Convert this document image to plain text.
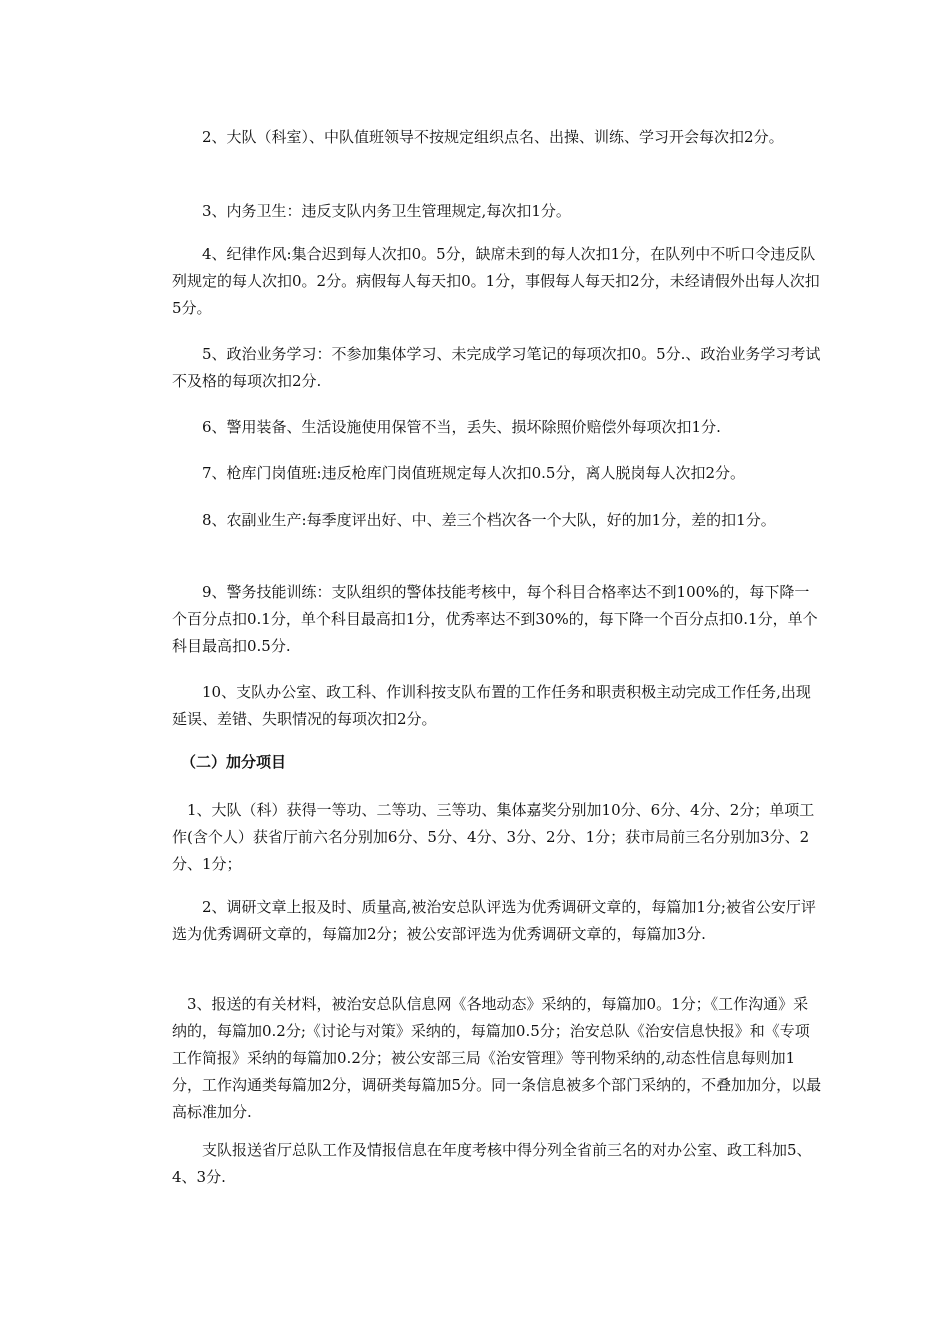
　　2、大队（科室）、中队值班领导不按规定组织点名、出操、训练、学习开会每次扣2分。

　　3、内务卫生：违反支队内务卫生管理规定,每次扣1分。

　　4、纪律作风:集合迟到每人次扣0。5分，缺席未到的每人次扣1分，在队列中不听口令违反队列规定的每人次扣0。2分。病假每人每天扣0。1分，事假每人每天扣2分，未经请假外出每人次扣5分。

　　5、政治业务学习：不参加集体学习、未完成学习笔记的每项次扣0。5分.、政治业务学习考试不及格的每项次扣2分.

　　6、警用装备、生活设施使用保管不当，丢失、损坏除照价赔偿外每项次扣1分.

　　7、枪库门岗值班:违反枪库门岗值班规定每人次扣0.5分，离人脱岗每人次扣2分。

　　8、农副业生产:每季度评出好、中、差三个档次各一个大队，好的加1分，差的扣1分。

　　9、警务技能训练：支队组织的警体技能考核中，每个科目合格率达不到100%的，每下降一个百分点扣0.1分，单个科目最高扣1分，优秀率达不到30%的，每下降一个百分点扣0.1分，单个科目最高扣0.5分.

　　10、支队办公室、政工科、作训科按支队布置的工作任务和职责积极主动完成工作任务,出现延误、差错、失职情况的每项次扣2分。

（二）加分项目

　1、大队（科）获得一等功、二等功、三等功、集体嘉奖分别加10分、6分、4分、2分；单项工作(含个人）获省厅前六名分别加6分、5分、4分、3分、2分、1分；获市局前三名分别加3分、2分、1分；

　　2、调研文章上报及时、质量高,被治安总队评选为优秀调研文章的，每篇加1分;被省公安厅评选为优秀调研文章的，每篇加2分；被公安部评选为优秀调研文章的，每篇加3分.

　3、报送的有关材料，被治安总队信息网《各地动态》采纳的，每篇加0。1分；《工作沟通》采纳的，每篇加0.2分;《讨论与对策》采纳的，每篇加0.5分；治安总队《治安信息快报》和《专项工作简报》采纳的每篇加0.2分；被公安部三局《治安管理》等刊物采纳的,动态性信息每则加1分，工作沟通类每篇加2分，调研类每篇加5分。同一条信息被多个部门采纳的，不叠加加分，以最高标准加分.

　　支队报送省厅总队工作及情报信息在年度考核中得分列全省前三名的对办公室、政工科加5、4、3分.
